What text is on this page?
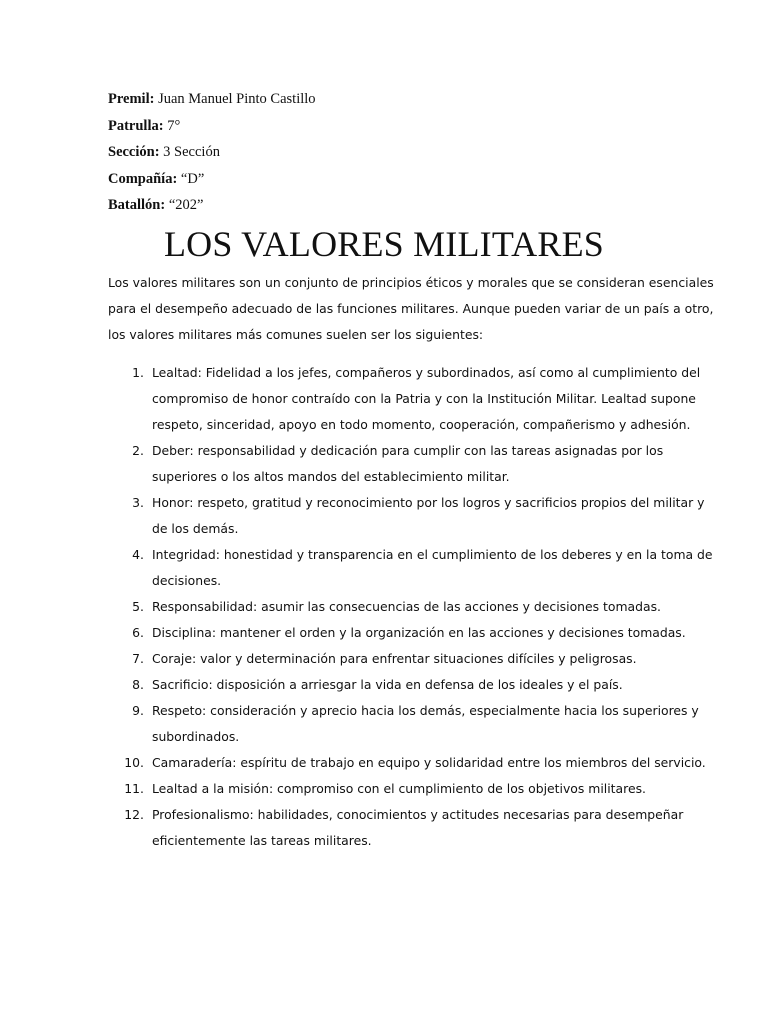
Premil: Juan Manuel Pinto Castillo
Patrulla: 7°
Sección: 3 Sección
Compañía: “D”
Batallón: “202”
LOS VALORES MILITARES

Los valores militares son un conjunto de principios éticos y morales que se consideran esenciales
para el desempeño adecuado de las funciones militares. Aunque pueden variar de un país a otro,
los valores militares más comunes suelen ser los siguientes:

1. Lealtad: Fidelidad a los jefes, compañeros y subordinados, así como al cumplimiento del
compromiso de honor contraído con la Patria y con la Institución Militar. Lealtad supone
respeto, sinceridad, apoyo en todo momento, cooperación, compañerismo y adhesión.
2. Deber: responsabilidad y dedicación para cumplir con las tareas asignadas por los
superiores o los altos mandos del establecimiento militar.
3. Honor: respeto, gratitud y reconocimiento por los logros y sacrificios propios del militar y
de los demás.
4. Integridad: honestidad y transparencia en el cumplimiento de los deberes y en la toma de
decisiones.
5. Responsabilidad: asumir las consecuencias de las acciones y decisiones tomadas.
6. Disciplina: mantener el orden y la organización en las acciones y decisiones tomadas.
7. Coraje: valor y determinación para enfrentar situaciones difíciles y peligrosas.
8. Sacrificio: disposición a arriesgar la vida en defensa de los ideales y el país.
9. Respeto: consideración y aprecio hacia los demás, especialmente hacia los superiores y
subordinados.
10. Camaradería: espíritu de trabajo en equipo y solidaridad entre los miembros del servicio.
11. Lealtad a la misión: compromiso con el cumplimiento de los objetivos militares.
12. Profesionalismo: habilidades, conocimientos y actitudes necesarias para desempeñar
eficientemente las tareas militares.
